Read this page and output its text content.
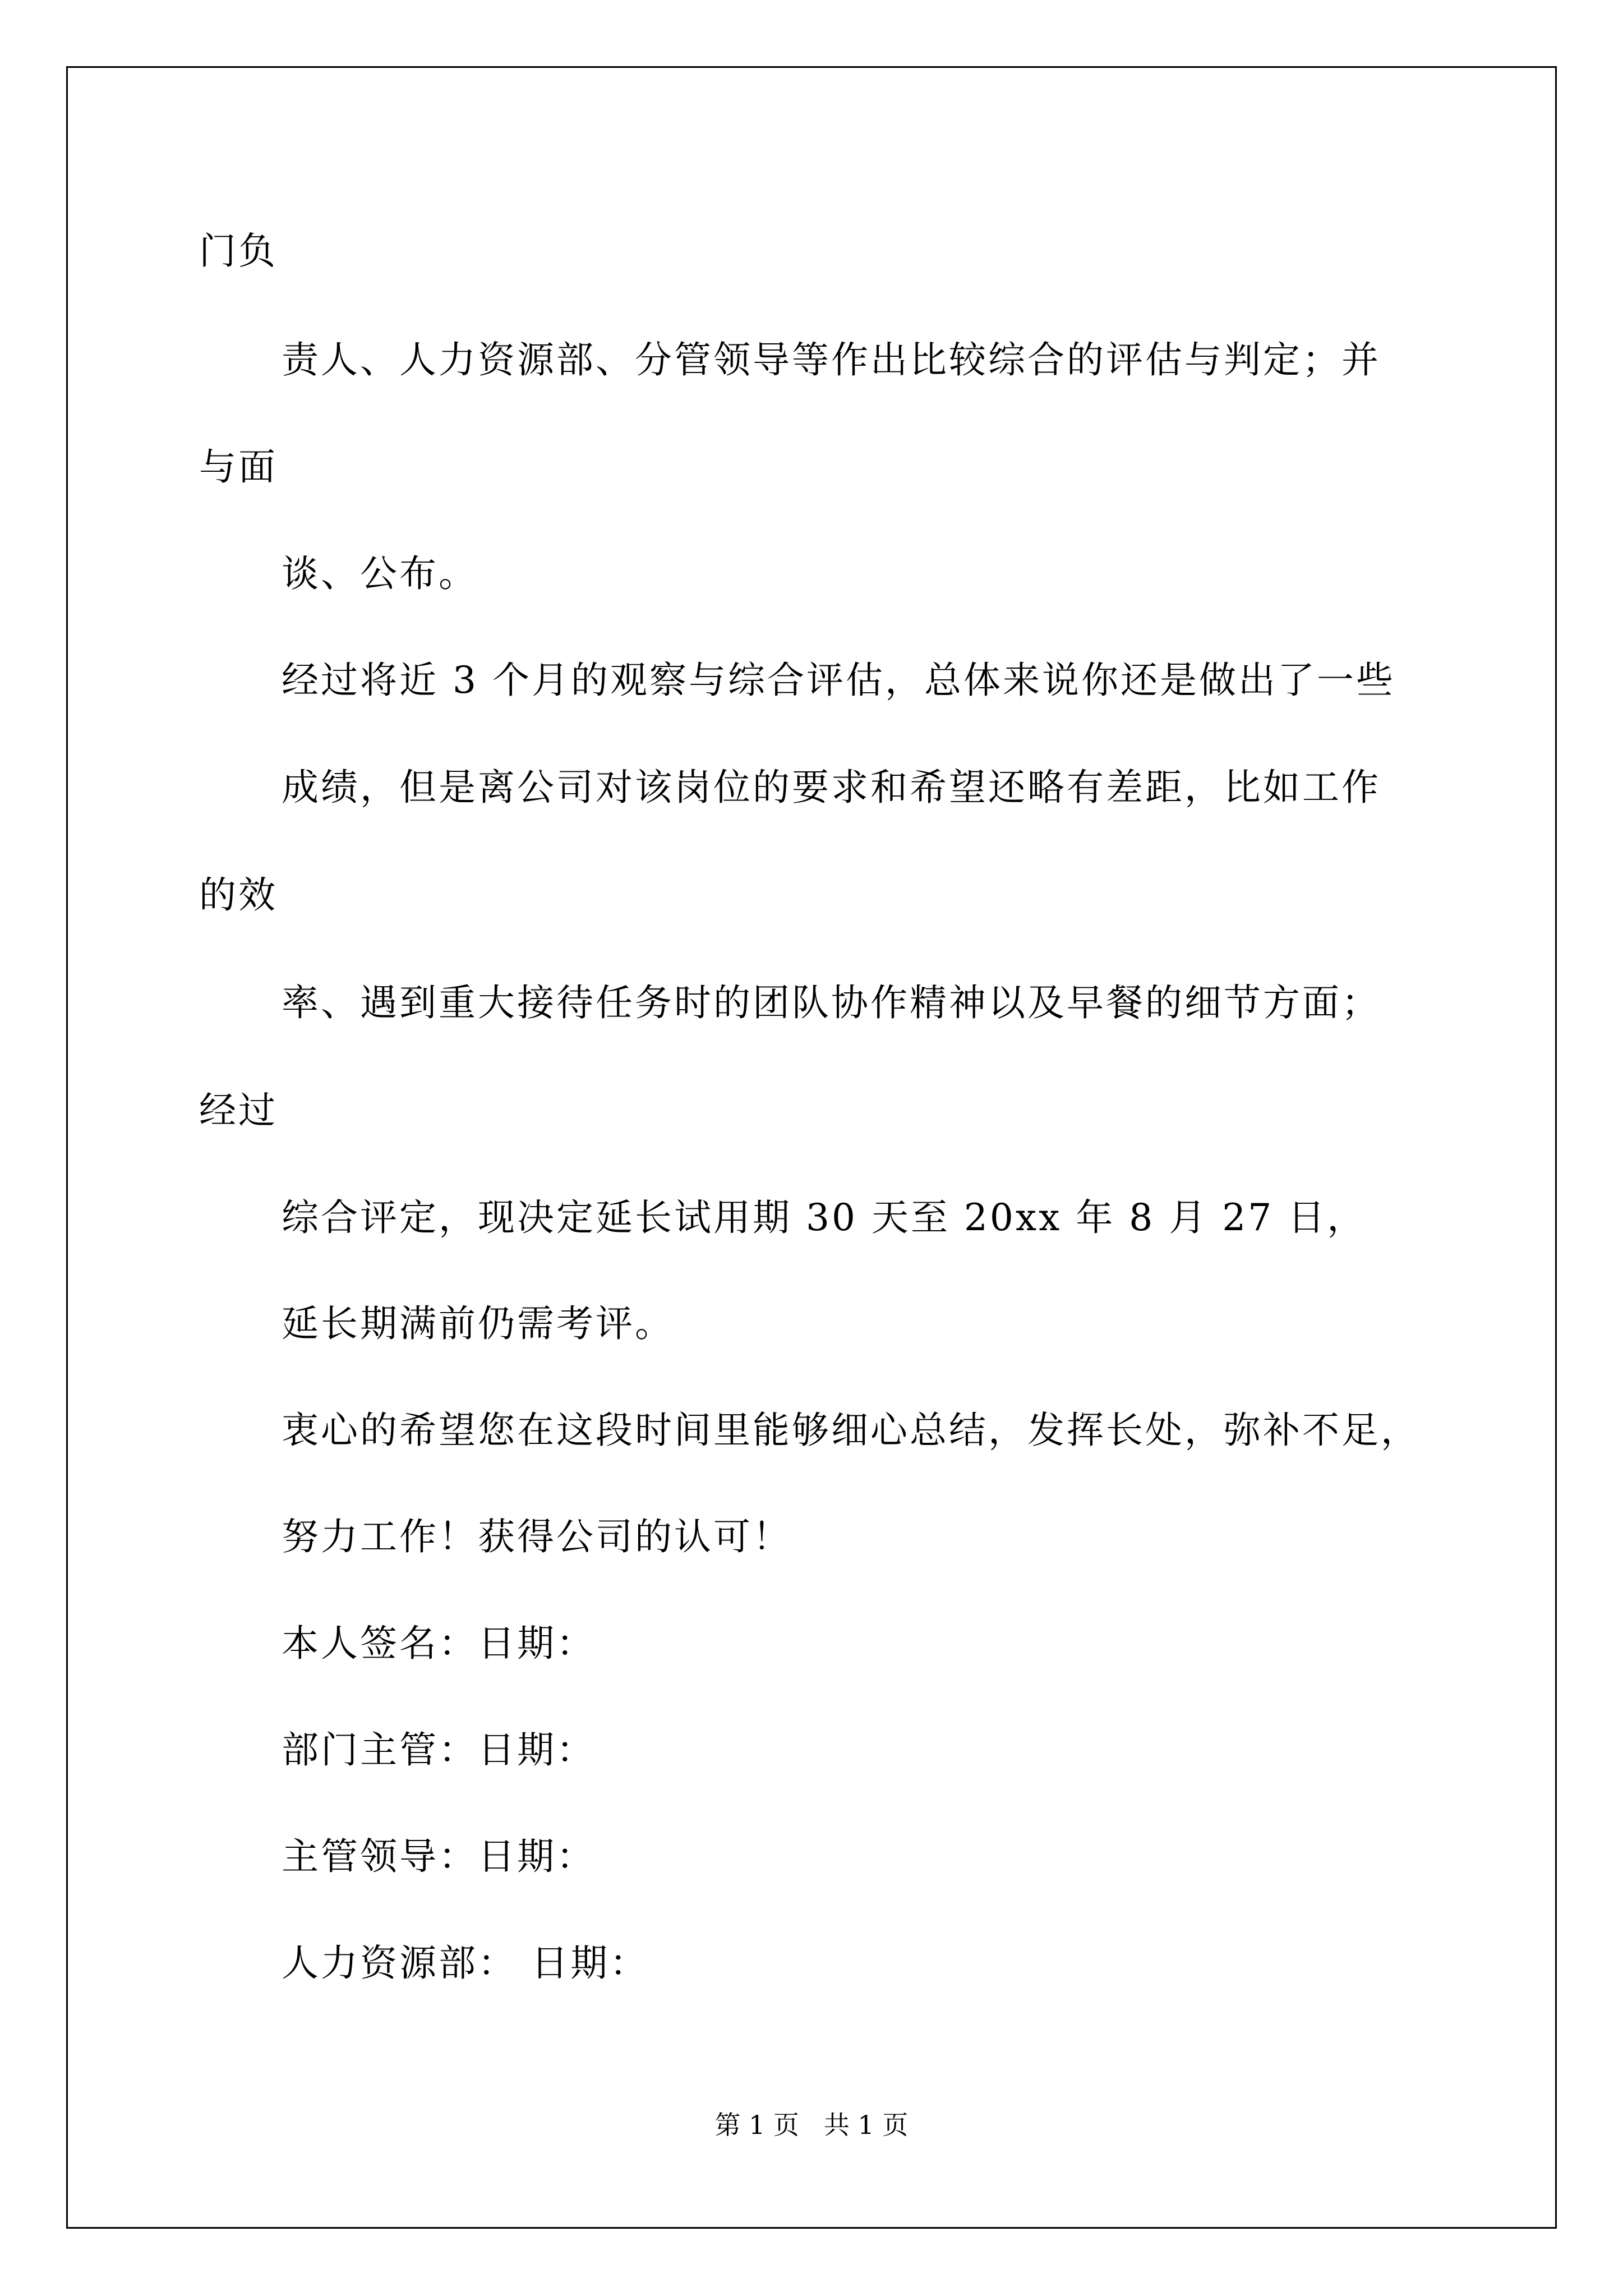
门负
责人、人力资源部、分管领导等作出比较综合的评估与判定；并
与面
谈、公布。
经过将近 3 个月的观察与综合评估，总体来说你还是做出了一些
成绩，但是离公司对该岗位的要求和希望还略有差距，比如工作
的效
率、遇到重大接待任务时的团队协作精神以及早餐的细节方面；
经过
综合评定，现决定延长试用期 30 天至 20xx 年 8 月 27 日，
延长期满前仍需考评。
衷心的希望您在这段时间里能够细心总结，发挥长处，弥补不足，
努力工作！获得公司的认可！
本人签名：日期：
部门主管：日期：
主管领导：日期：
人力资源部： 日期：
第 1 页   共 1 页
